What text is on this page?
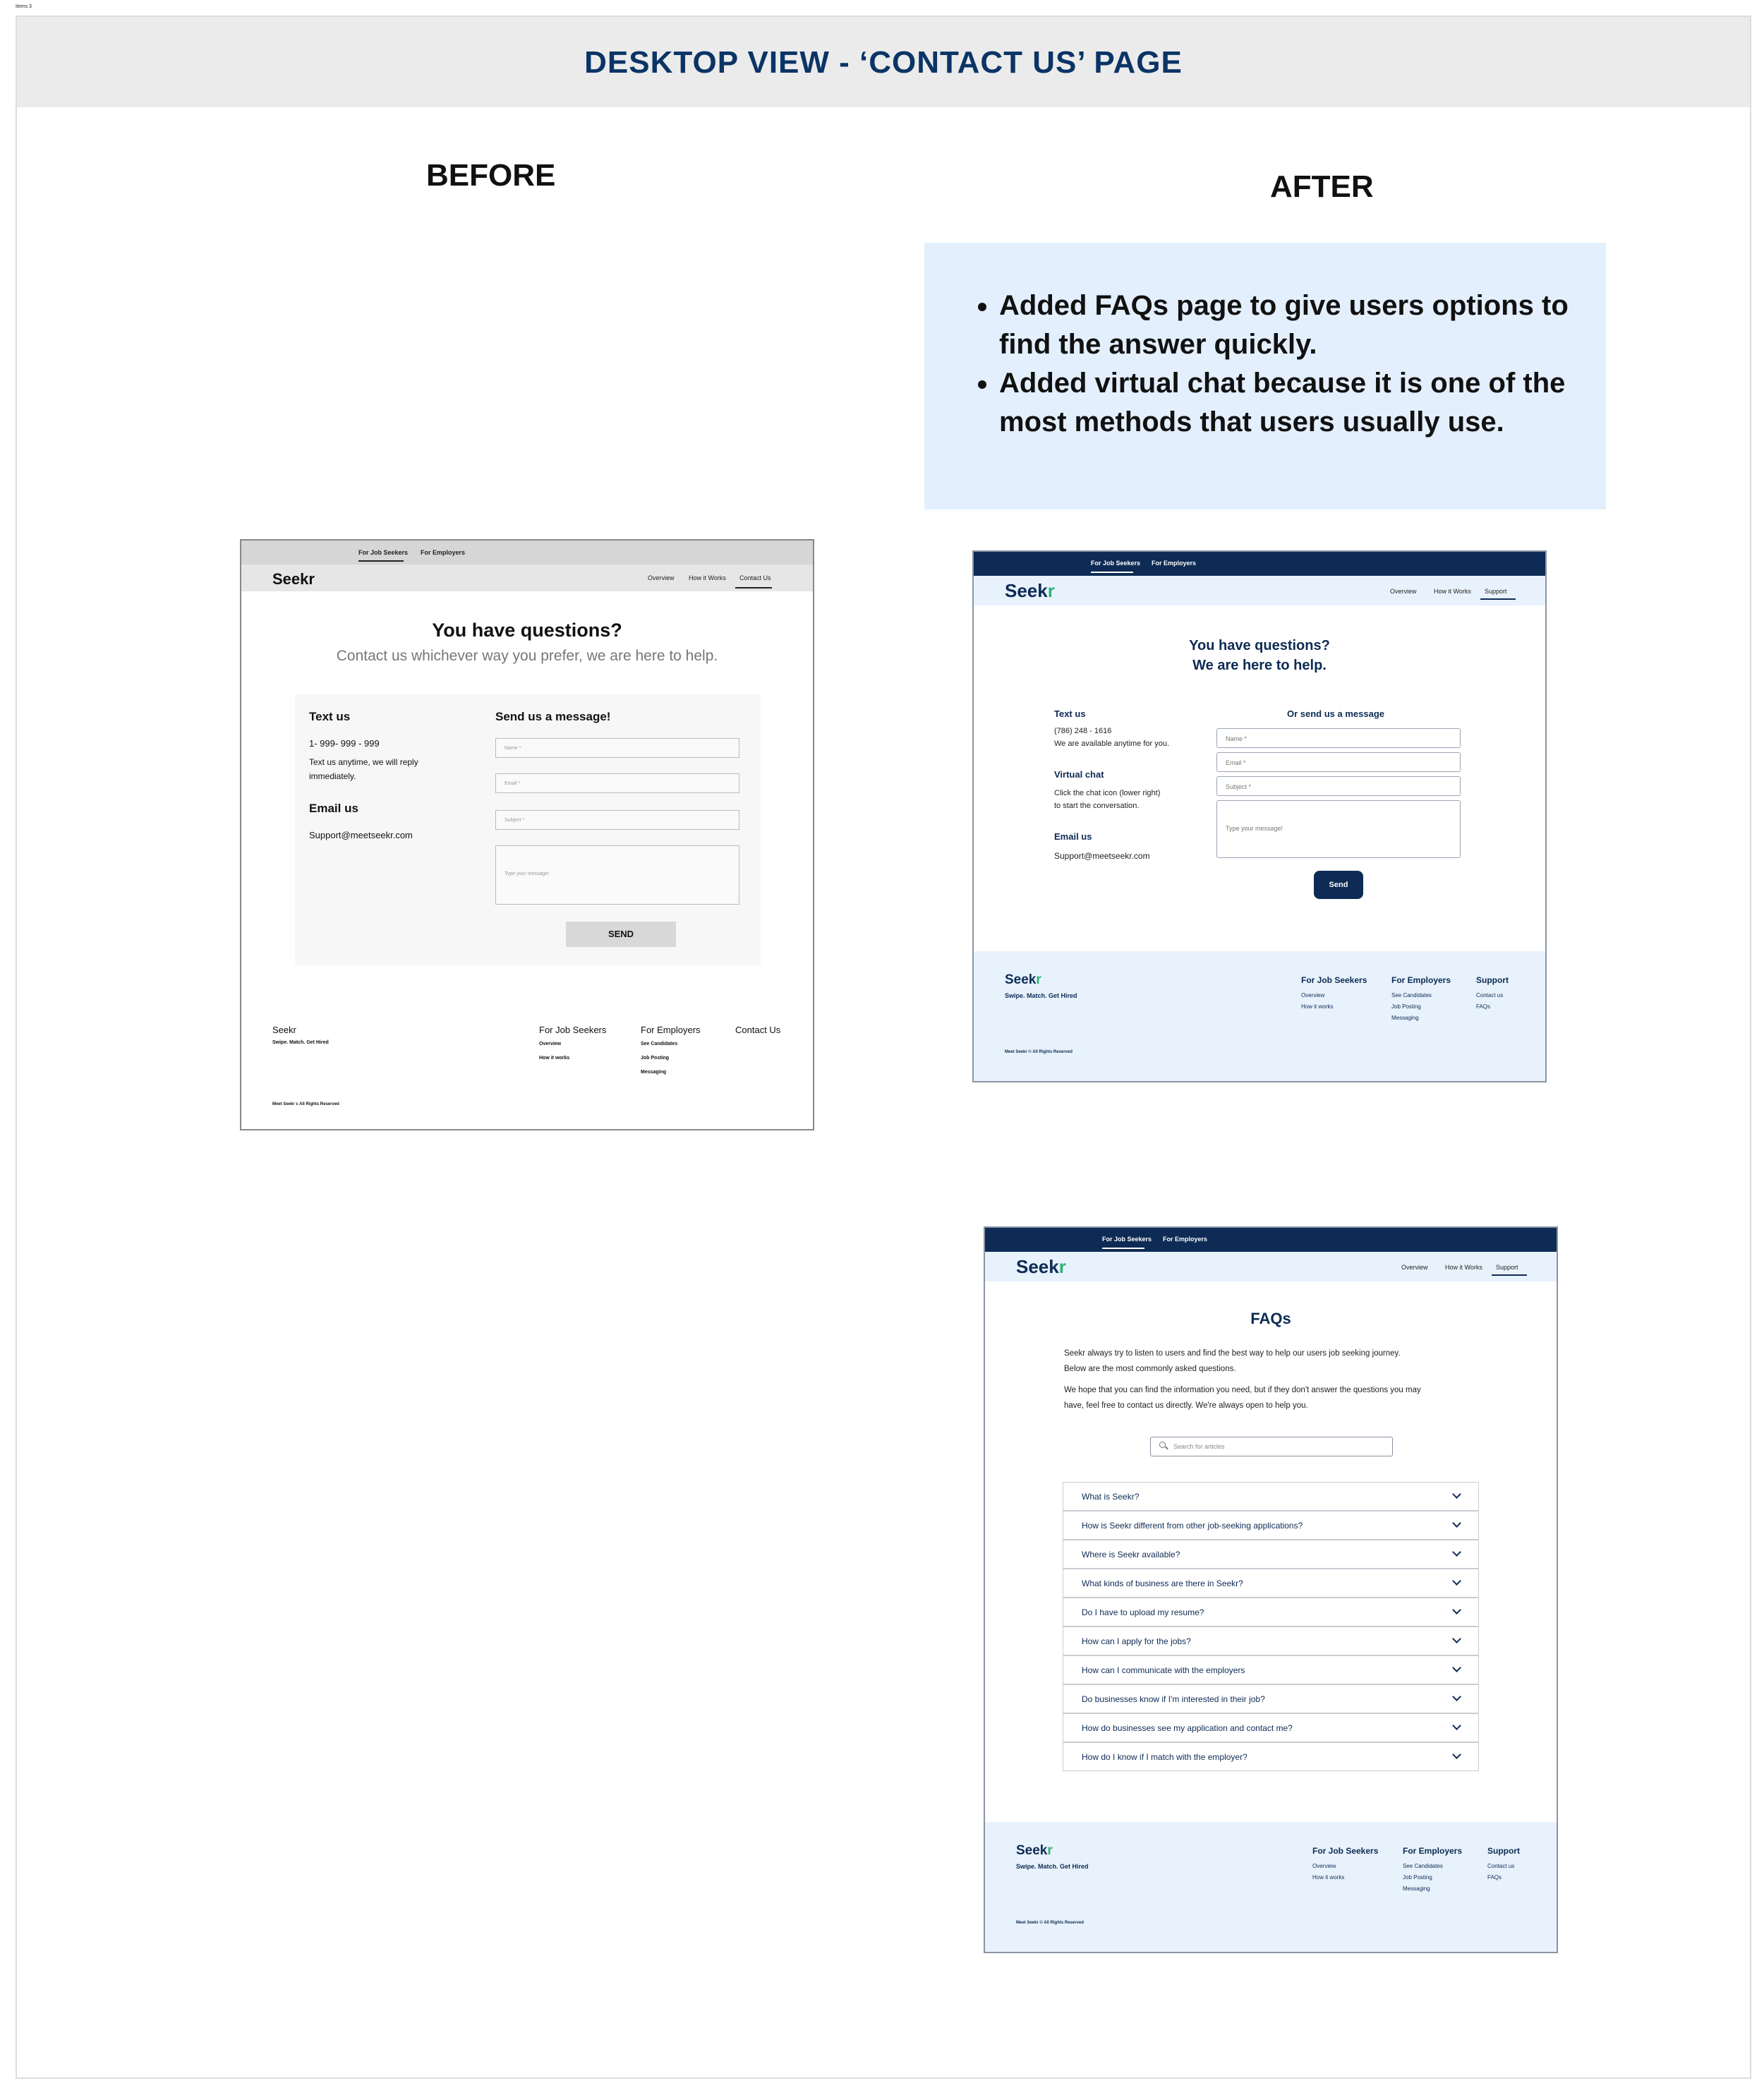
Items 3
DESKTOP VIEW - ‘CONTACT US’ PAGE
BEFORE	AFTER
• Added FAQs page to give users options to find the answer quickly.
• Added virtual chat because it is one of the most methods that users usually use.
For Job Seekers For Employers
Seekr	Overview How it Works Contact Us
You have questions?
Contact us whichever way you prefer, we are here to help.
Text us
1- 999- 999 - 999
Text us anytime, we will reply immediately.
Email us
Support@meetseekr.com
Send us a message!
Name *
Email *
Subject *
Type your message!
SEND
Seekr
Swipe. Match. Get Hired
For Job Seekers
Overview
How it works
For Employers
See Candidates
Job Posting
Messaging
Contact Us
Meet Seekr c All Rights Reserved
For Job Seekers For Employers
Seekr	Overview	How it Works Support
You have questions?
We are here to help.
Text us
(786) 248 - 1616
We are available anytime for you.
Virtual chat
Click the chat icon (lower right)
to start the conversation.
Email us
Support@meetseekr.com
Or send us a message
Name *
Email *
Subject *
Type your message!
Send
Seekr
Swipe. Match. Get Hired
For Job Seekers
Overview
How it works
For Employers
See Candidates
Job Posting
Messaging
Support
Contact us
FAQs
Meet Seekr © All Rights Reserved
For Job Seekers For Employers
Seekr	Overview	How it Works Support
FAQs
Seekr always try to listen to users and find the best way to help our users job seeking journey.
Below are the most commonly asked questions.
We hope that you can find the information you need, but if they don't answer the questions you may
have, feel free to contact us directly. We're always open to help you.
Search for articles
What is Seekr?
How is Seekr different from other job-seeking applications?
Where is Seekr available?
What kinds of business are there in Seekr?
Do I have to upload my resume?
How can I apply for the jobs?
How can I communicate with the employers
Do businesses know if I'm interested in their job?
How do businesses see my application and contact me?
How do I know if I match with the employer?
Seekr
Swipe. Match. Get Hired
For Job Seekers
Overview
How it works
For Employers
See Candidates
Job Posting
Messaging
Support
Contact us
FAQs
Meet Seekr © All Rights Reserved
